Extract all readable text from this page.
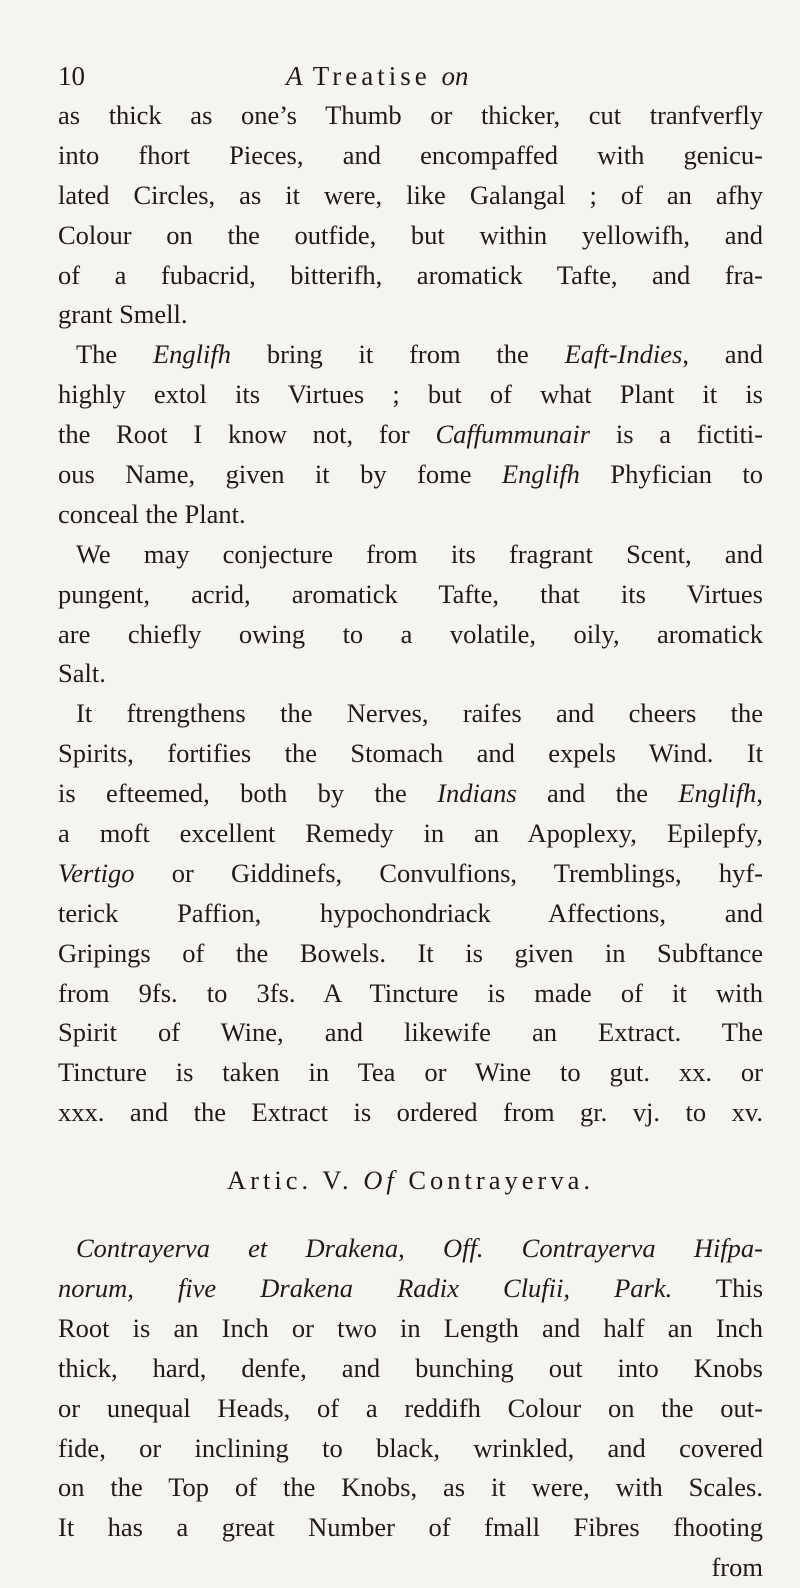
10	A Treatise on
as thick as one’s Thumb or thicker, cut tranfverfly
into fhort Pieces, and encompaffed with genicu-
lated Circles, as it were, like Galangal ; of an afhy
Colour on the outfide, but within yellowifh, and
of a fubacrid, bitterifh, aromatick Tafte, and fra-
grant Smell.
The Englifh bring it from the Eaft-Indies, and
highly extol its Virtues ; but of what Plant it is
the Root I know not, for Caffummunair is a fictiti-
ous Name, given it by fome Englifh Phyfician to
conceal the Plant.
We may conjecture from its fragrant Scent, and
pungent, acrid, aromatick Tafte, that its Virtues
are chiefly owing to a volatile, oily, aromatick
Salt.
It ftrengthens the Nerves, raifes and cheers the
Spirits, fortifies the Stomach and expels Wind. It
is efteemed, both by the Indians and the Englifh,
a moft excellent Remedy in an Apoplexy, Epilepfy,
Vertigo or Giddinefs, Convulfions, Tremblings, hyf-
terick Paffion, hypochondriack Affections, and
Gripings of the Bowels. It is given in Subftance
from 9fs. to 3fs. A Tincture is made of it with
Spirit of Wine, and likewife an Extract. The
Tincture is taken in Tea or Wine to gut. xx. or
xxx. and the Extract is ordered from gr. vj. to xv.
Artic. V. Of Contrayerva.
Contrayerva et Drakena, Off. Contrayerva Hifpa-
norum, five Drakena Radix Clufii, Park. This
Root is an Inch or two in Length and half an Inch
thick, hard, denfe, and bunching out into Knobs
or unequal Heads, of a reddifh Colour on the out-
fide, or inclining to black, wrinkled, and covered
on the Top of the Knobs, as it were, with Scales.
It has a great Number of fmall Fibres fhooting
from
